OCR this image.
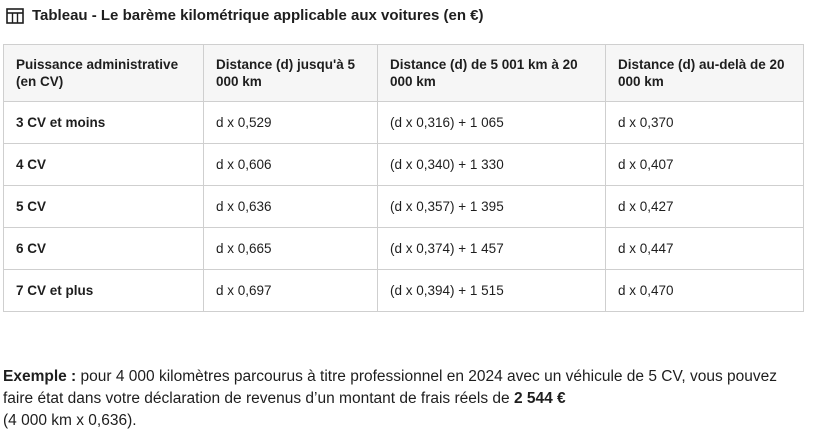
Tableau - Le barème kilométrique applicable aux voitures (en €)
Puissance administrative (en CV)	Distance (d) jusqu'à 5 000 km	Distance (d) de 5 001 km à 20 000 km	Distance (d) au-delà de 20 000 km
3 CV et moins	d x 0,529	(d x 0,316) + 1 065	d x 0,370
4 CV	d x 0,606	(d x 0,340) + 1 330	d x 0,407
5 CV	d x 0,636	(d x 0,357) + 1 395	d x 0,427
6 CV	d x 0,665	(d x 0,374) + 1 457	d x 0,447
7 CV et plus	d x 0,697	(d x 0,394) + 1 515	d x 0,470

Exemple : pour 4 000 kilomètres parcourus à titre professionnel en 2024 avec un véhicule de 5 CV, vous pouvez faire état dans votre déclaration de revenus d’un montant de frais réels de 2 544 €
(4 000 km x 0,636).
